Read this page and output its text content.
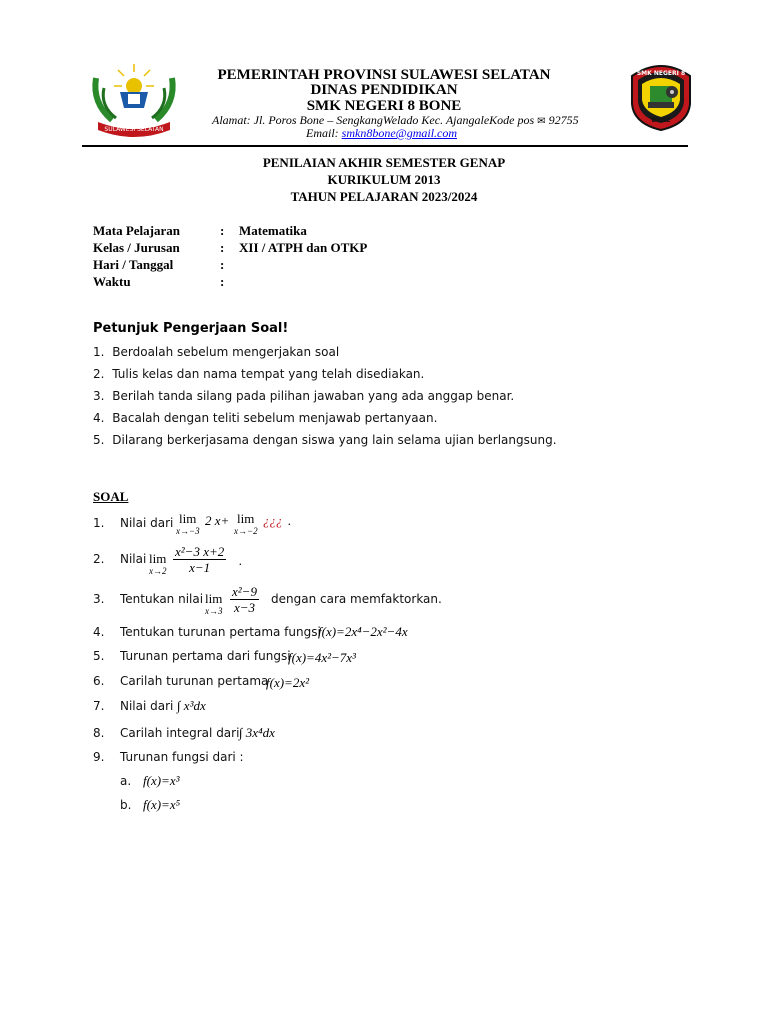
SULAWESI SELATAN
SMK NEGERI 8
BONE
PEMERINTAH PROVINSI SULAWESI SELATAN
DINAS PENDIDIKAN
SMK NEGERI 8 BONE
Alamat: Jl. Poros Bone – SengkangWelado Kec. AjangaleKode pos ✉ 92755
Email: smkn8bone@gmail.com
PENILAIAN AKHIR SEMESTER GENAP
KURIKULUM 2013
TAHUN PELAJARAN 2023/2024
Mata Pelajaran	: Matematika
Kelas / Jurusan	: XII / ATPH dan OTKP
Hari / Tanggal	:
Waktu	:
Petunjuk Pengerjaan Soal!
1. Berdoalah sebelum mengerjakan soal
2. Tulis kelas dan nama tempat yang telah disediakan.
3. Berilah tanda silang pada pilihan jawaban yang ada anggap benar.
4. Bacalah dengan teliti sebelum menjawab pertanyaan.
5. Dilarang berkerjasama dengan siswa yang lain selama ujian berlangsung.
SOAL
1. Nilai dari lim
x→−3
2 x+ lim
x→−2
¿¿¿ .
2. Nilai lim
$x\to 2 \frac{\text{x²−3 x+2}}{x-1}$ .
3. Tentukan nilai lim
$x\to 3 \frac{\text{x²−9}}{x-3}$ dengan cara memfaktorkan.
4. Tentukan turunan pertama fungsi
f(x)=2x⁴−2x²−4x
5. Turunan pertama dari fungsi
f(x)=4x²−7x³
6. Carilah turunan pertama
f(x)=2x²
7. Nilai dari ∫ x³dx
8. Carilah integral dari ∫ 3x⁴dx
9. Turunan fungsi dari :
a. f(x)=x³
b. f(x)=x⁵
